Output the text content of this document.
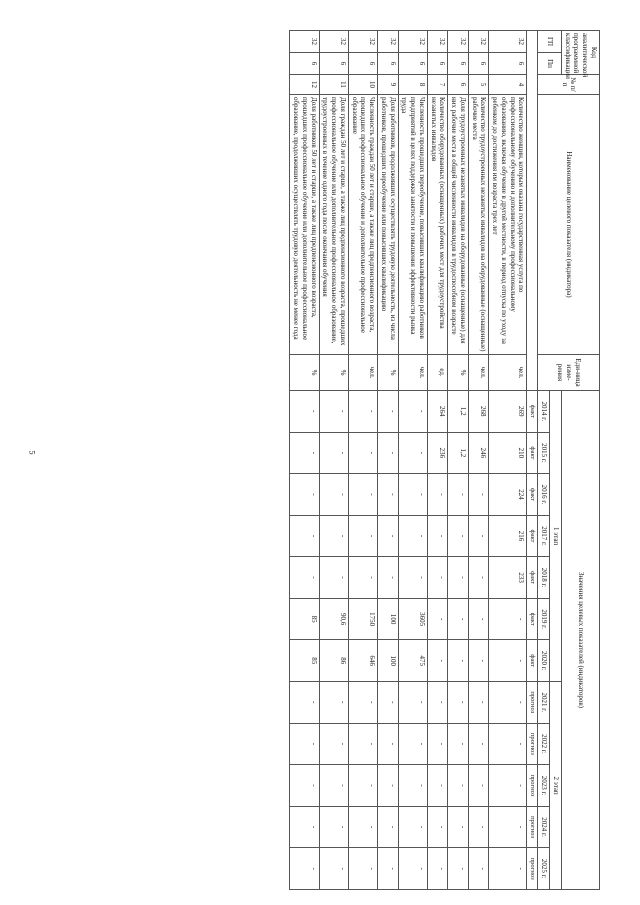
5
Код аналитической программной классификации		№ п/п	Наименование целевого показателя (индикатора)	Еди-ница изме-рения	Значения целевых показателей (индикаторов)											
ГП	Пп				1 этап							2 этап				
					2014 г.	2015 г.	2016 г.	2017 г.	2018 г.	2019 г.	2020 г.	2021 г.	2022 г.	2023 г.	2024 г.	2025 г.
					факт	факт	факт	факт	факт	факт	факт	прогноз	прогноз	прогноз	прогноз	прогноз
32	6	4	Количество женщин, которым оказана государственная услуга по профессиональному обучению и дополнительному профессиональному образованию, включая обучение в другой местности, в период отпуска по уходу за ребенком до достижения им возраста трех лет	чел.	269	210	224	216	233	-	-	-	-	-	-	-
32	6	5	Количество трудоустроенных незанятых инвалидов на оборудованные (оснащенные) рабочие места	чел.	268	246	-	-	-	-	-	-	-	-	-	-
32	6	6	Доля трудоустроенных незанятых инвалидов на оборудованные (оснащенные) для них рабочие места в общей численности инвалидов в трудоспособном возрасте	%	1,2	1,2	-	-	-	-	-	-	-	-	-	-
32	6	7	Количество оборудованных (оснащенных) рабочих мест для трудоустройства незанятых инвалидов	ед.	264	236	-	-	-	-	-	-	-	-	-	-
32	6	8	Численность прошедших переобучение, повысивших квалификацию работников предприятий в целях поддержки занятости и повышения эффективности рынка труда	чел.	-	-	-	-	-	3605	475	-	-	-	-	-
32	6	9	Доля работников, продолживших осуществлять трудовую деятельность, из числа работников, прошедших переобучение или повысивших квалификацию	%	-	-	-	-	-	100	100	-	-	-	-	-
32	6	10	Численность граждан 50 лет и старше, а также лиц предпенсионного возраста, прошедших профессиональное обучение и дополнительное профессиональное образование	чел.	-	-	-	-	-	1750	646	-	-	-	-	-
32	6	11	Доля граждан 50 лет и старше, а также лиц предпенсионного возраста, прошедших профессиональное обучение или дополнительное профессиональное образование, трудоустроенных в течение одного года после окончания обучения	%	-	-	-	-	-	90,6	86	-	-	-	-	-
32	6	12	Доля работников 50 лет и старше, а также лиц предпенсионного возраста, прошедших профессиональное обучение или дополнительное профессиональное образование, продолживших осуществлять трудовую деятельность не менее года	%	-	-	-	-	-	85	85	-	-	-	-	-
